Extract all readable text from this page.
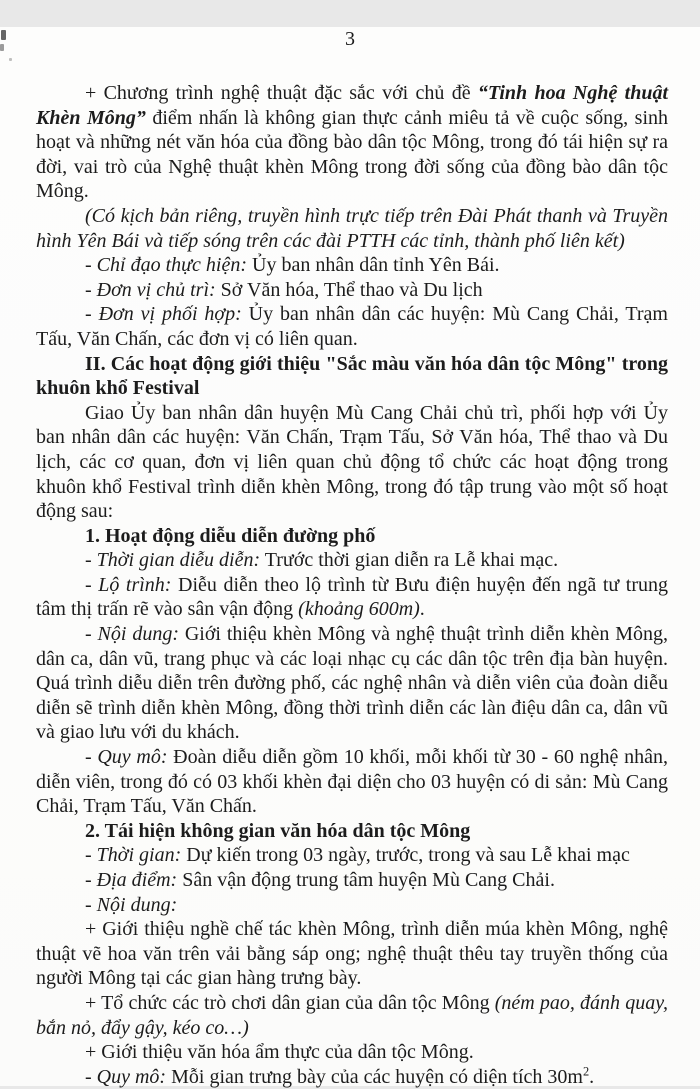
3
+ Chương trình nghệ thuật đặc sắc với chủ đề “Tinh hoa Nghệ thuật Khèn Mông” điểm nhấn là không gian thực cảnh miêu tả về cuộc sống, sinh hoạt và những nét văn hóa của đồng bào dân tộc Mông, trong đó tái hiện sự ra đời, vai trò của Nghệ thuật khèn Mông trong đời sống của đồng bào dân tộc Mông.
(Có kịch bản riêng, truyền hình trực tiếp trên Đài Phát thanh và Truyền hình Yên Bái và tiếp sóng trên các đài PTTH các tỉnh, thành phố liên kết)
- Chỉ đạo thực hiện: Ủy ban nhân dân tỉnh Yên Bái.
- Đơn vị chủ trì: Sở Văn hóa, Thể thao và Du lịch
- Đơn vị phối hợp: Ủy ban nhân dân các huyện: Mù Cang Chải, Trạm Tấu, Văn Chấn, các đơn vị có liên quan.
II. Các hoạt động giới thiệu "Sắc màu văn hóa dân tộc Mông" trong khuôn khổ Festival
Giao Ủy ban nhân dân huyện Mù Cang Chải chủ trì, phối hợp với Ủy ban nhân dân các huyện: Văn Chấn, Trạm Tấu, Sở Văn hóa, Thể thao và Du lịch, các cơ quan, đơn vị liên quan chủ động tổ chức các hoạt động trong khuôn khổ Festival trình diễn khèn Mông, trong đó tập trung vào một số hoạt động sau:
1. Hoạt động diễu diễn đường phố
- Thời gian diễu diễn: Trước thời gian diễn ra Lễ khai mạc.
- Lộ trình: Diễu diễn theo lộ trình từ Bưu điện huyện đến ngã tư trung tâm thị trấn rẽ vào sân vận động (khoảng 600m).
- Nội dung: Giới thiệu khèn Mông và nghệ thuật trình diễn khèn Mông, dân ca, dân vũ, trang phục và các loại nhạc cụ các dân tộc trên địa bàn huyện. Quá trình diễu diễn trên đường phố, các nghệ nhân và diễn viên của đoàn diễu diễn sẽ trình diễn khèn Mông, đồng thời trình diễn các làn điệu dân ca, dân vũ và giao lưu với du khách.
- Quy mô: Đoàn diễu diễn gồm 10 khối, mỗi khối từ 30 - 60 nghệ nhân, diễn viên, trong đó có 03 khối khèn đại diện cho 03 huyện có di sản: Mù Cang Chải, Trạm Tấu, Văn Chấn.
2. Tái hiện không gian văn hóa dân tộc Mông
- Thời gian: Dự kiến trong 03 ngày, trước, trong và sau Lễ khai mạc
- Địa điểm: Sân vận động trung tâm huyện Mù Cang Chải.
- Nội dung:
+ Giới thiệu nghề chế tác khèn Mông, trình diễn múa khèn Mông, nghệ thuật vẽ hoa văn trên vải bằng sáp ong; nghệ thuật thêu tay truyền thống của người Mông tại các gian hàng trưng bày.
+ Tổ chức các trò chơi dân gian của dân tộc Mông (ném pao, đánh quay, bắn nỏ, đẩy gậy, kéo co…)
+ Giới thiệu văn hóa ẩm thực của dân tộc Mông.
- Quy mô: Mỗi gian trưng bày của các huyện có diện tích $30m^2$.
